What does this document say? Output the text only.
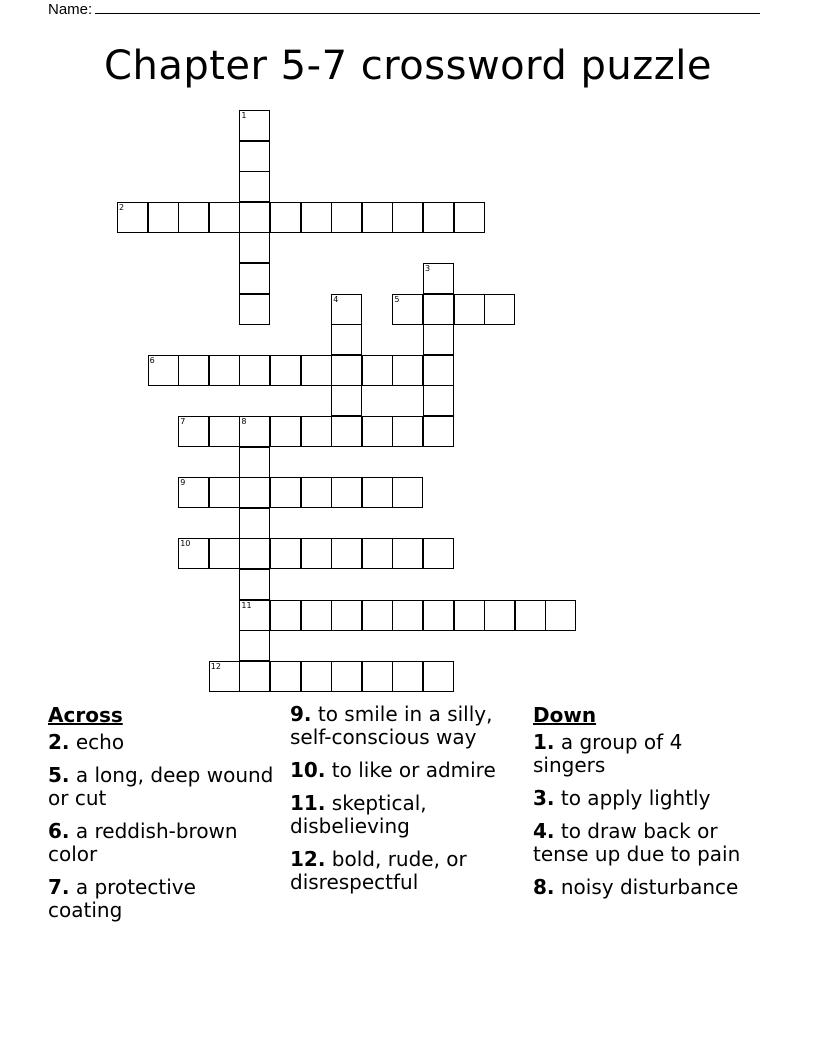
Name:
Chapter 5-7 crossword puzzle
1
2
3
4	5
6
7	8
11
9
10
12
Across
2. echo
5. a long, deep wound or cut
6. a reddish-brown color
7. a protective coating
9. to smile in a silly, self-conscious way
10. to like or admire
11. skeptical, disbelieving
12. bold, rude, or disrespectful
Down
1. a group of 4 singers
3. to apply lightly
4. to draw back or tense up due to pain
8. noisy disturbance
